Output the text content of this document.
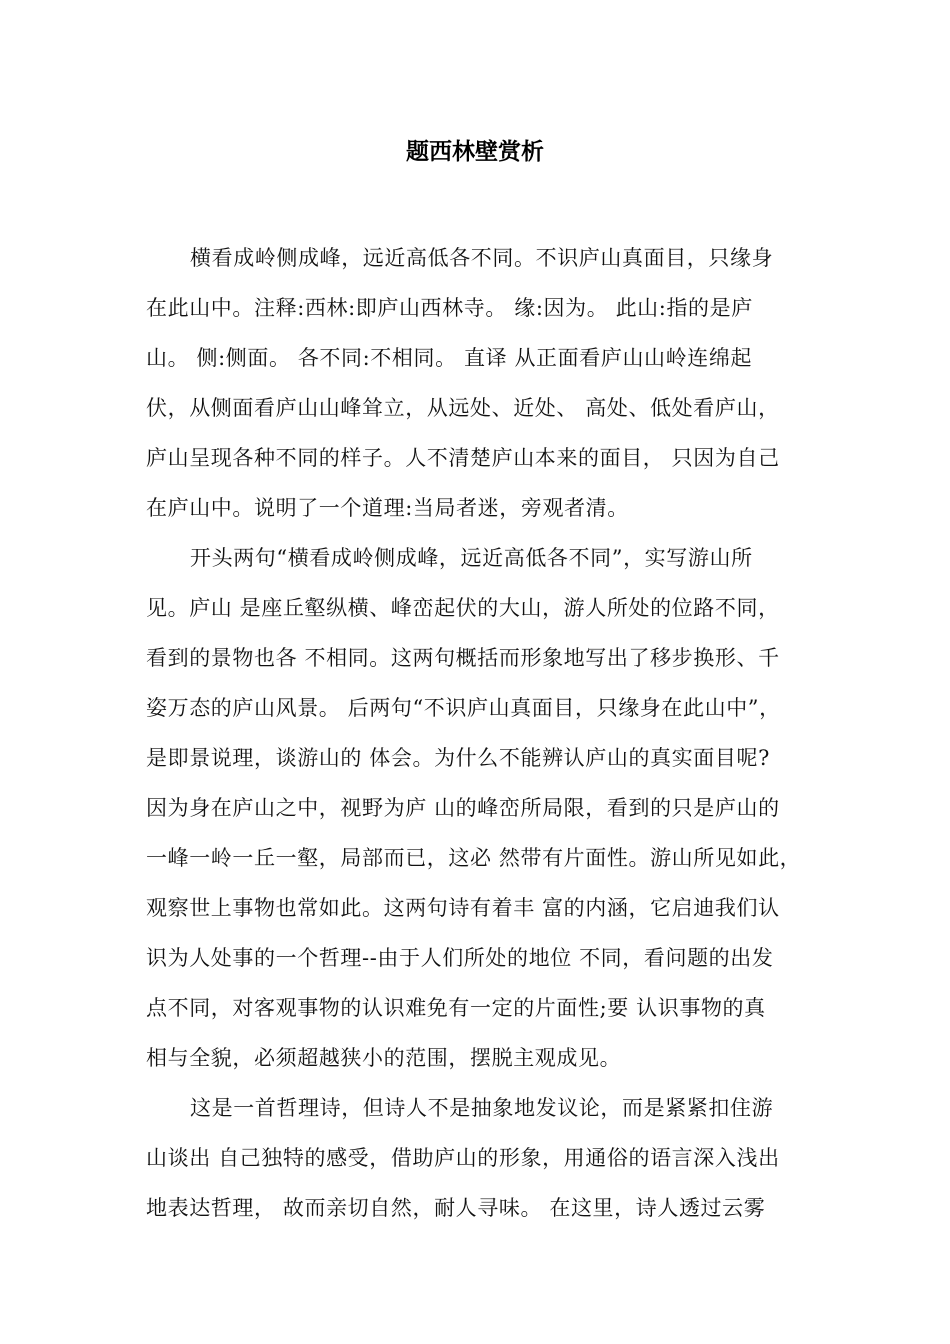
题西林壁赏析

横看成岭侧成峰，远近高低各不同。不识庐山真面目，只缘身
在此山中。注释:西林:即庐山西林寺。 缘:因为。 此山:指的是庐
山。 侧:侧面。 各不同:不相同。 直译 从正面看庐山山岭连绵起
伏，从侧面看庐山山峰耸立，从远处、近处、 高处、低处看庐山，
庐山呈现各种不同的样子。人不清楚庐山本来的面目， 只因为自己
在庐山中。说明了一个道理:当局者迷，旁观者清。

开头两句“横看成岭侧成峰，远近高低各不同”，实写游山所
见。庐山 是座丘壑纵横、峰峦起伏的大山，游人所处的位路不同，
看到的景物也各 不相同。这两句概括而形象地写出了移步换形、千
姿万态的庐山风景。 后两句“不识庐山真面目，只缘身在此山中”，
是即景说理，谈游山的 体会。为什么不能辨认庐山的真实面目呢?
因为身在庐山之中，视野为庐 山的峰峦所局限，看到的只是庐山的
一峰一岭一丘一壑，局部而已，这必 然带有片面性。游山所见如此，
观察世上事物也常如此。这两句诗有着丰 富的内涵，它启迪我们认
识为人处事的一个哲理--由于人们所处的地位 不同，看问题的出发
点不同，对客观事物的认识难免有一定的片面性;要 认识事物的真
相与全貌，必须超越狭小的范围，摆脱主观成见。

这是一首哲理诗，但诗人不是抽象地发议论，而是紧紧扣住游
山谈出 自己独特的感受，借助庐山的形象，用通俗的语言深入浅出
地表达哲理， 故而亲切自然，耐人寻味。 在这里，诗人透过云雾
